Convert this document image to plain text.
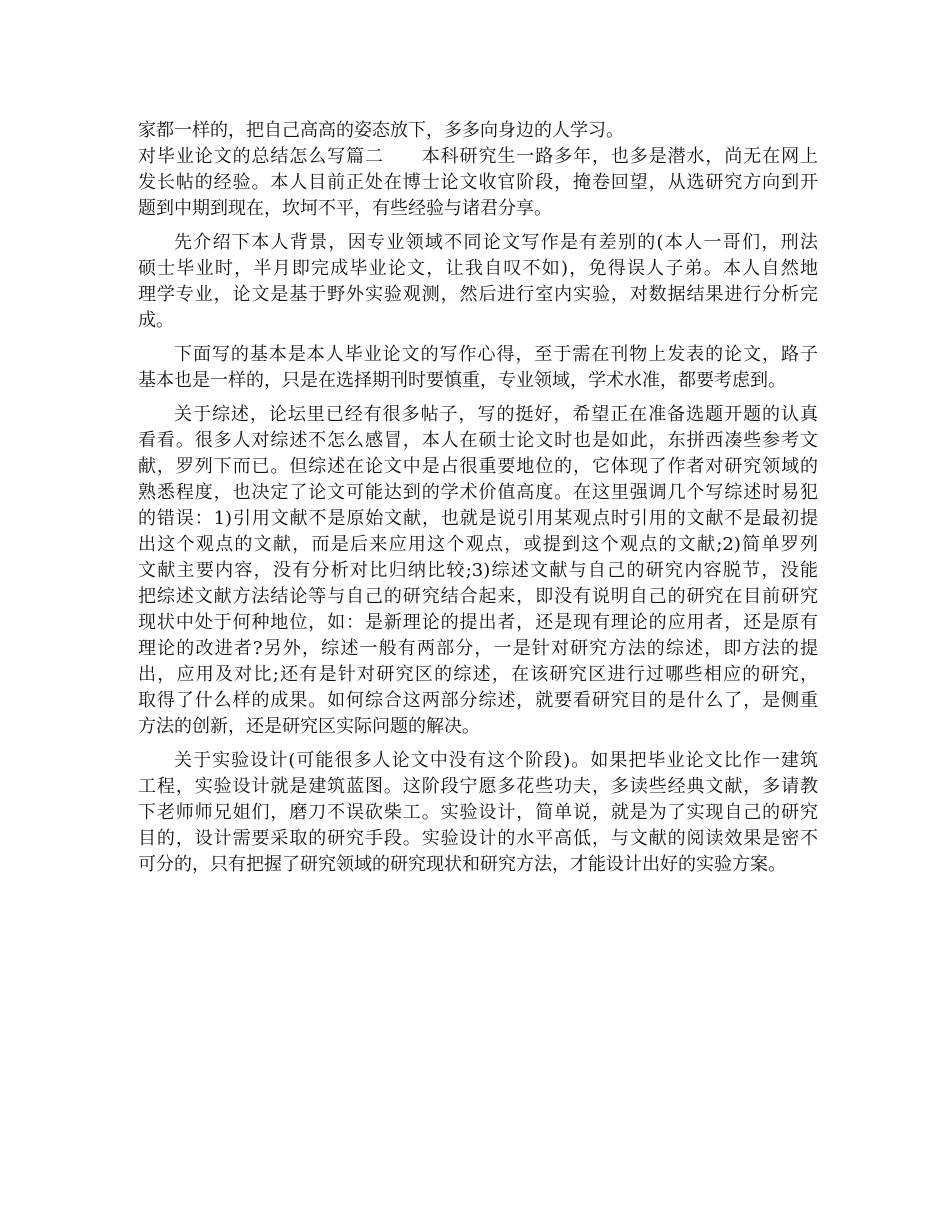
家都一样的，把自己高高的姿态放下，多多向身边的人学习。
对毕业论文的总结怎么写篇二　　本科研究生一路多年，也多是潜水，尚无在网上
发长帖的经验。本人目前正处在博士论文收官阶段，掩卷回望，从选研究方向到开
题到中期到现在，坎坷不平，有些经验与诸君分享。
先介绍下本人背景，因专业领域不同论文写作是有差别的(本人一哥们，刑法
硕士毕业时，半月即完成毕业论文，让我自叹不如)，免得误人子弟。本人自然地
理学专业，论文是基于野外实验观测，然后进行室内实验，对数据结果进行分析完
成。
下面写的基本是本人毕业论文的写作心得，至于需在刊物上发表的论文，路子
基本也是一样的，只是在选择期刊时要慎重，专业领域，学术水准，都要考虑到。
关于综述，论坛里已经有很多帖子，写的挺好，希望正在准备选题开题的认真
看看。很多人对综述不怎么感冒，本人在硕士论文时也是如此，东拼西凑些参考文
献，罗列下而已。但综述在论文中是占很重要地位的，它体现了作者对研究领域的
熟悉程度，也决定了论文可能达到的学术价值高度。在这里强调几个写综述时易犯
的错误：1)引用文献不是原始文献，也就是说引用某观点时引用的文献不是最初提
出这个观点的文献，而是后来应用这个观点，或提到这个观点的文献;2)简单罗列
文献主要内容，没有分析对比归纳比较;3)综述文献与自己的研究内容脱节，没能
把综述文献方法结论等与自己的研究结合起来，即没有说明自己的研究在目前研究
现状中处于何种地位，如：是新理论的提出者，还是现有理论的应用者，还是原有
理论的改进者?另外，综述一般有两部分，一是针对研究方法的综述，即方法的提
出，应用及对比;还有是针对研究区的综述，在该研究区进行过哪些相应的研究，
取得了什么样的成果。如何综合这两部分综述，就要看研究目的是什么了，是侧重
方法的创新，还是研究区实际问题的解决。
关于实验设计(可能很多人论文中没有这个阶段)。如果把毕业论文比作一建筑
工程，实验设计就是建筑蓝图。这阶段宁愿多花些功夫，多读些经典文献，多请教
下老师师兄姐们，磨刀不误砍柴工。实验设计，简单说，就是为了实现自己的研究
目的，设计需要采取的研究手段。实验设计的水平高低，与文献的阅读效果是密不
可分的，只有把握了研究领域的研究现状和研究方法，才能设计出好的实验方案。
